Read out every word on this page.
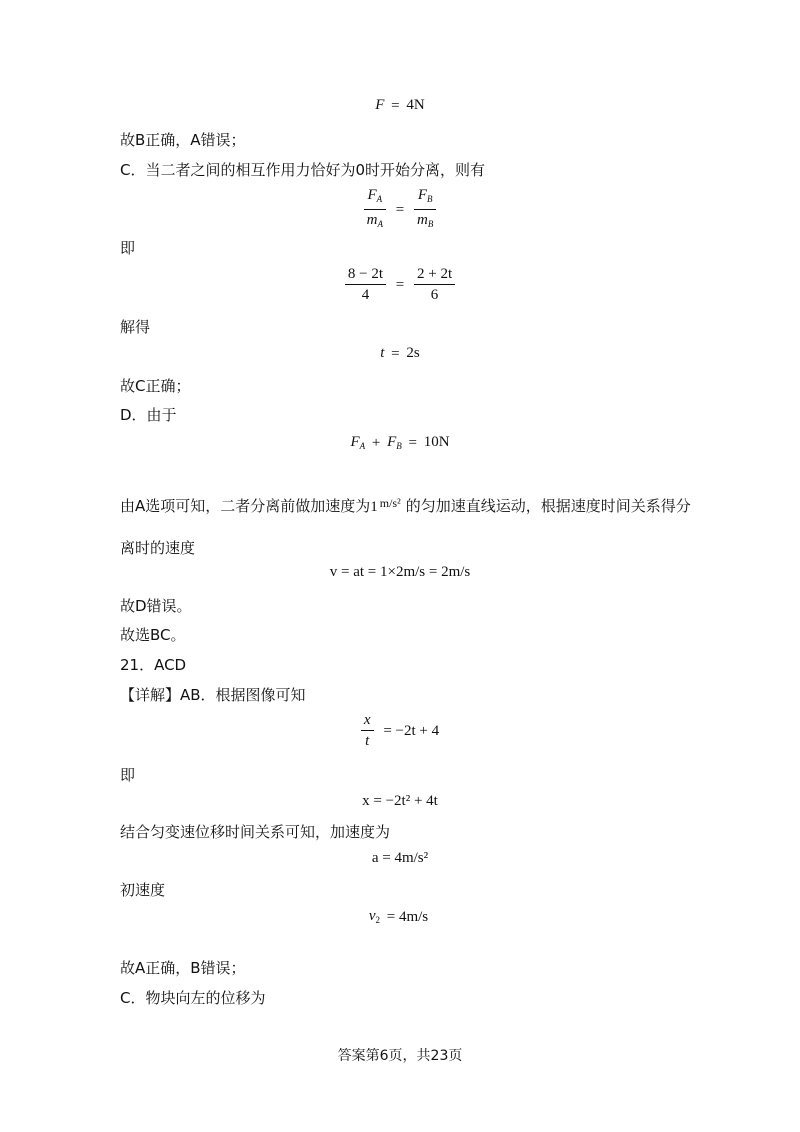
F = 4N
故B正确，A错误；
C．当二者之间的相互作用力恰好为0时开始分离，则有
$\frac{F_A}{m_A} = \frac{F_B}{m_B}$
即
$\frac{8 - 2t}{4} = \frac{2 + 2t}{6}$
解得
t = 2s
故C正确；
D．由于
$F_A + F_B = 10N$
由A选项可知，二者分离前做加速度为1 m/s² 的匀加速直线运动，根据速度时间关系得分
离时的速度
v = at = 1×2m/s = 2m/s
故D错误。
故选BC。
21．ACD
【详解】AB．根据图像可知
$\frac{x}{t} = -2t + 4$
即
x = −2t² + 4t
结合匀变速位移时间关系可知，加速度为
a = 4m/s²
初速度
$v_2 = 4m/s$
故A正确，B错误；
C．物块向左的位移为
答案第6页，共23页
